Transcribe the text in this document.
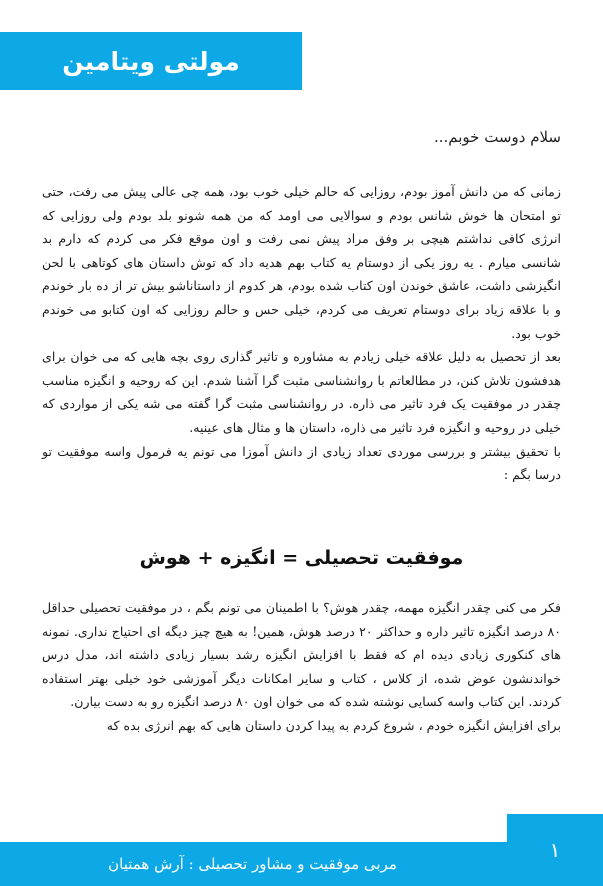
مولتی ویتامین
سلام دوست خوبم...

زمانی که من دانش آموز بودم، روزایی که حالم خیلی خوب بود، همه چی عالی پیش می رفت، حتی تو امتحان ها خوش شانس بودم و سوالایی می اومد که من همه شونو بلد بودم ولی روزایی که انرژی کافی نداشتم هیچی بر وفق مراد پیش نمی رفت و اون موقع فکر می کردم که دارم بد شانسی میارم . یه روز یکی از دوستام یه کتاب بهم هدیه داد که توش داستان های کوتاهی با لحن انگیزشی داشت، عاشق خوندن اون کتاب شده بودم، هر کدوم از داستاناشو بیش تر از ده بار خوندم و با علاقه زیاد برای دوستام تعریف می کردم، خیلی حس و حالم روزایی که اون کتابو می خوندم خوب بود.

بعد از تحصیل به دلیل علاقه خیلی زیادم به مشاوره و تاثیر گذاری روی بچه هایی که می خوان برای هدفشون تلاش کنن، در مطالعاتم با روانشناسی مثبت گرا آشنا شدم. این که روحیه و انگیزه مناسب چقدر در موفقیت یک فرد تاثیر می ذاره. در روانشناسی مثبت گرا گفته می شه یکی از مواردی که خیلی در روحیه و انگیزه فرد تاثیر می ذاره، داستان ها و مثال های عینیه.

با تحقیق بیشتر و بررسی موردی تعداد زیادی از دانش آموزا می تونم یه فرمول واسه موفقیت تو درسا بگم :

موفقیت تحصیلی = انگیزه + هوش

فکر می کنی چقدر انگیزه مهمه، چقدر هوش؟ با اطمینان می تونم بگم ، در موفقیت تحصیلی حداقل ۸۰ درصد انگیزه تاثیر داره و حداکثر ۲۰ درصد هوش، همین! به هیچ چیز دیگه ای احتیاج نداری. نمونه های کنکوری زیادی دیده ام که فقط با افزایش انگیزه رشد بسیار زیادی داشته اند، مدل درس خواندنشون عوض شده، از کلاس ، کتاب و سایر امکانات دیگر آموزشی خود خیلی بهتر استفاده کردند. این کتاب واسه کسایی نوشته شده که می خوان اون ۸۰ درصد انگیزه رو به دست بیارن.

برای افزایش انگیزه خودم ، شروع کردم به پیدا کردن داستان هایی که بهم انرژی بده که

مربی موفقیت و مشاور تحصیلی : آرش همتیان
۱
